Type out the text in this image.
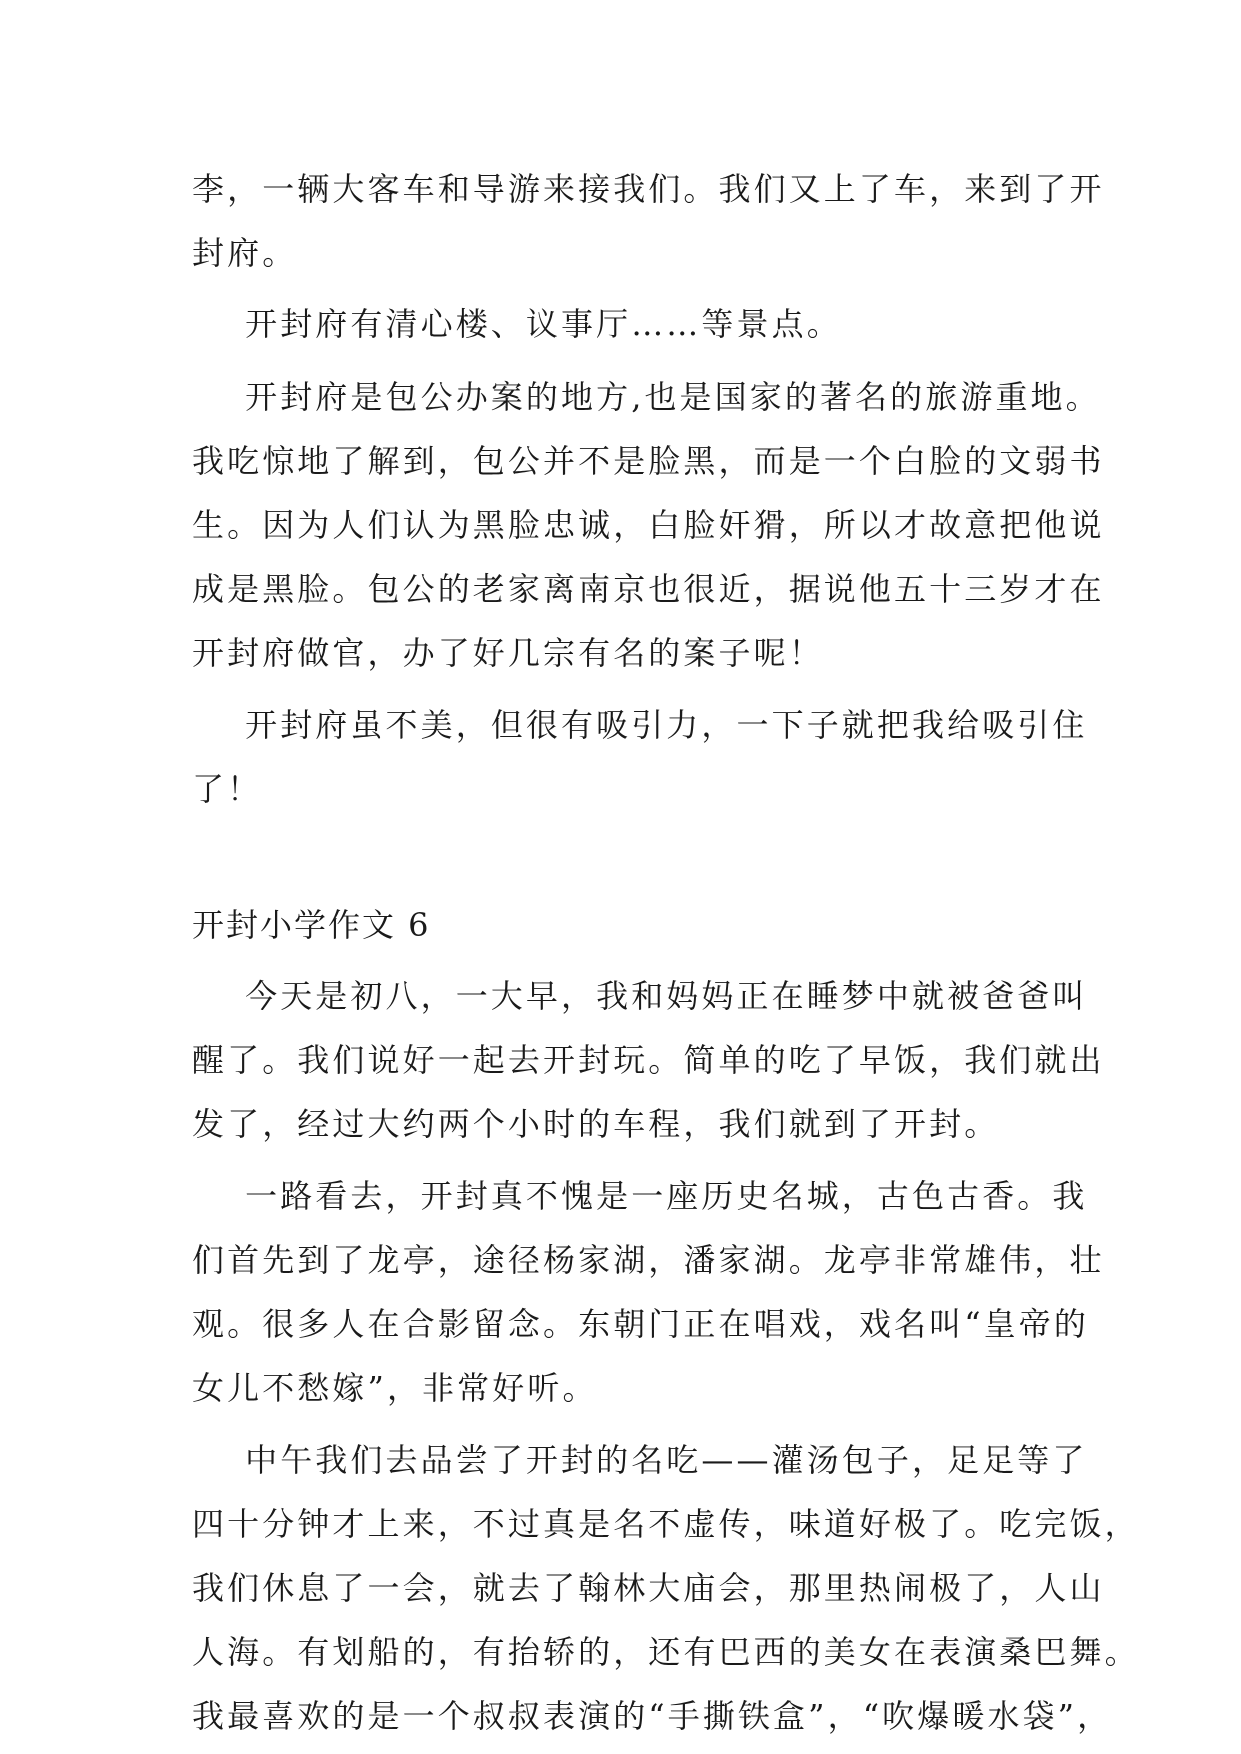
李，一辆大客车和导游来接我们。我们又上了车，来到了开
封府。
开封府有清心楼、议事厅……等景点。
开封府是包公办案的地方,也是国家的著名的旅游重地。
我吃惊地了解到，包公并不是脸黑，而是一个白脸的文弱书
生。因为人们认为黑脸忠诚，白脸奸猾，所以才故意把他说
成是黑脸。包公的老家离南京也很近，据说他五十三岁才在
开封府做官，办了好几宗有名的案子呢！
开封府虽不美，但很有吸引力，一下子就把我给吸引住
了！
开封小学作文 6
今天是初八，一大早，我和妈妈正在睡梦中就被爸爸叫
醒了。我们说好一起去开封玩。简单的吃了早饭，我们就出
发了，经过大约两个小时的车程，我们就到了开封。
一路看去，开封真不愧是一座历史名城，古色古香。我
们首先到了龙亭，途径杨家湖，潘家湖。龙亭非常雄伟，壮
观。很多人在合影留念。东朝门正在唱戏，戏名叫“皇帝的
女儿不愁嫁”，非常好听。
中午我们去品尝了开封的名吃——灌汤包子，足足等了
四十分钟才上来，不过真是名不虚传，味道好极了。吃完饭，
我们休息了一会，就去了翰林大庙会，那里热闹极了，人山
人海。有划船的，有抬轿的，还有巴西的美女在表演桑巴舞。
我最喜欢的是一个叔叔表演的“手撕铁盒”，“吹爆暖水袋”，
